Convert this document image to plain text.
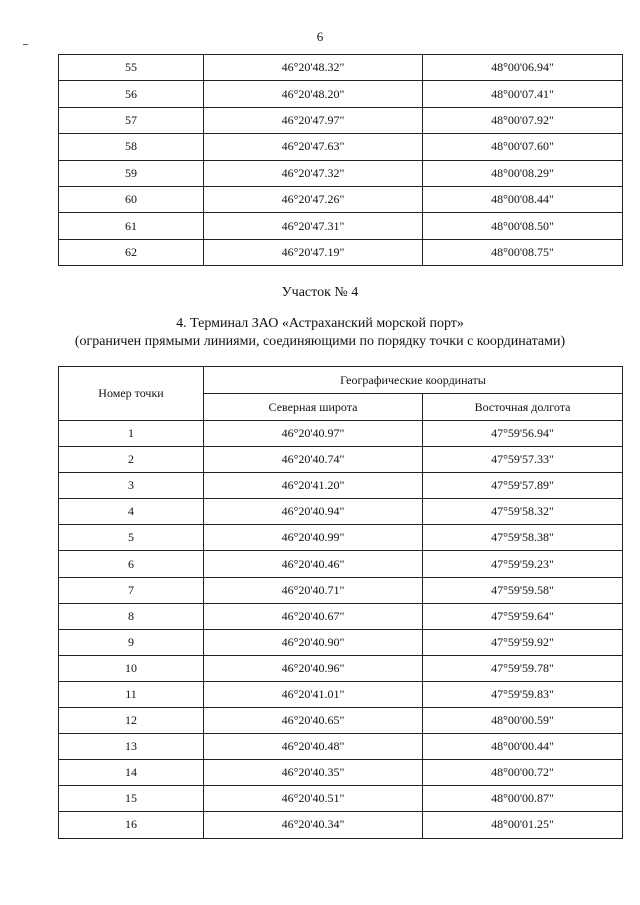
6
55	46°20'48.32"	48°00'06.94"
56	46°20'48.20"	48°00'07.41"
57	46°20'47.97"	48°00'07.92"
58	46°20'47.63"	48°00'07.60"
59	46°20'47.32"	48°00'08.29"
60	46°20'47.26"	48°00'08.44"
61	46°20'47.31"	48°00'08.50"
62	46°20'47.19"	48°00'08.75"
Участок № 4
4. Терминал ЗАО «Астраханский морской порт»
(ограничен прямыми линиями, соединяющими по порядку точки с координатами)
Номер точки	Географические координаты	
	Северная широта	Восточная долгота
1	46°20'40.97"	47°59'56.94"
2	46°20'40.74"	47°59'57.33"
3	46°20'41.20"	47°59'57.89"
4	46°20'40.94"	47°59'58.32"
5	46°20'40.99"	47°59'58.38"
6	46°20'40.46"	47°59'59.23"
7	46°20'40.71"	47°59'59.58"
8	46°20'40.67"	47°59'59.64"
9	46°20'40.90"	47°59'59.92"
10	46°20'40.96"	47°59'59.78"
11	46°20'41.01"	47°59'59.83"
12	46°20'40.65"	48°00'00.59"
13	46°20'40.48"	48°00'00.44"
14	46°20'40.35"	48°00'00.72"
15	46°20'40.51"	48°00'00.87"
16	46°20'40.34"	48°00'01.25"
